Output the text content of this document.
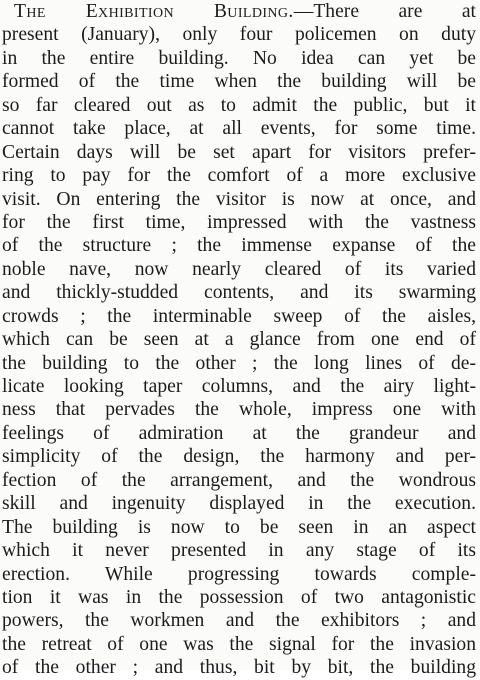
The Exhibition Building.—There are at
present (January), only four policemen on duty
in the entire building. No idea can yet be
formed of the time when the building will be
so far cleared out as to admit the public, but it
cannot take place, at all events, for some time.
Certain days will be set apart for visitors prefer-
ring to pay for the comfort of a more exclusive
visit. On entering the visitor is now at once, and
for the first time, impressed with the vastness
of the structure ; the immense expanse of the
noble nave, now nearly cleared of its varied
and thickly-studded contents, and its swarming
crowds ; the interminable sweep of the aisles,
which can be seen at a glance from one end of
the building to the other ; the long lines of de-
licate looking taper columns, and the airy light-
ness that pervades the whole, impress one with
feelings of admiration at the grandeur and
simplicity of the design, the harmony and per-
fection of the arrangement, and the wondrous
skill and ingenuity displayed in the execution.
The building is now to be seen in an aspect
which it never presented in any stage of its
erection. While progressing towards comple-
tion it was in the possession of two antagonistic
powers, the workmen and the exhibitors ; and
the retreat of one was the signal for the invasion
of the other ; and thus, bit by bit, the building
